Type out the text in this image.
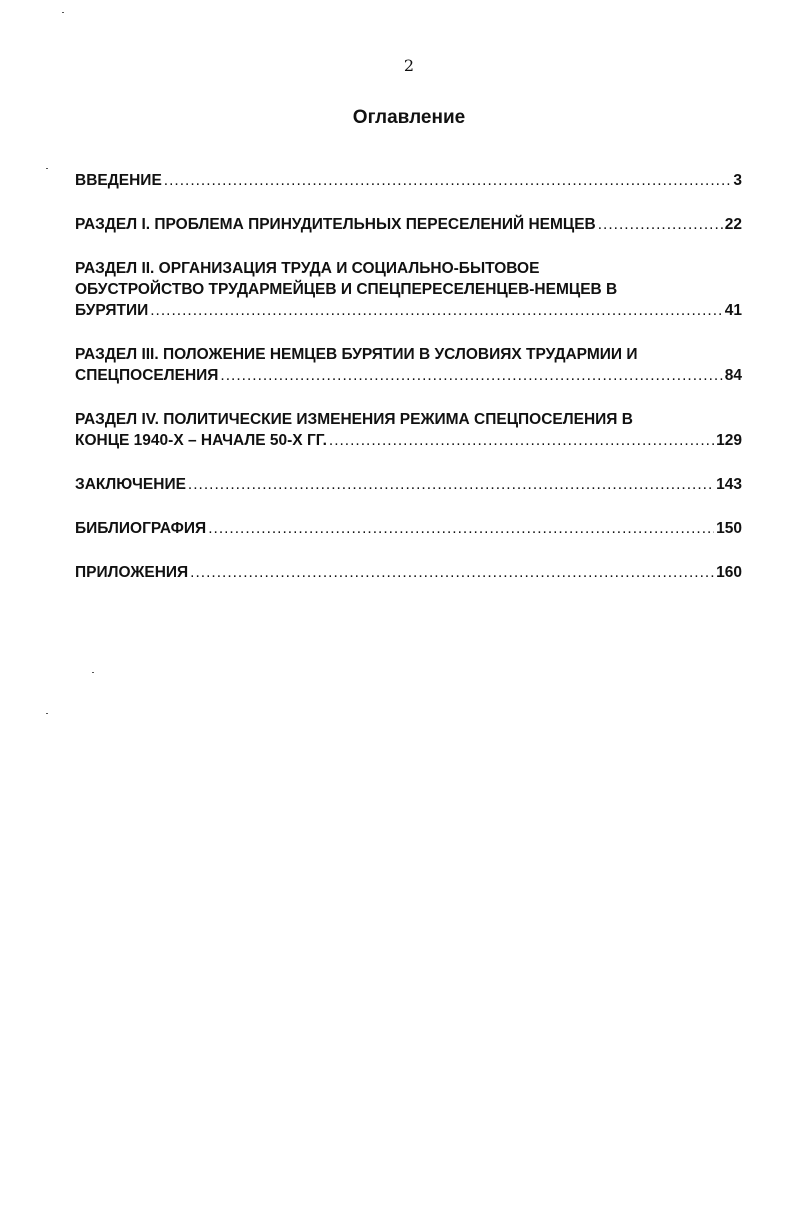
2
Оглавление
ВВЕДЕНИЕ .....	3
РАЗДЕЛ I. ПРОБЛЕМА ПРИНУДИТЕЛЬНЫХ ПЕРЕСЕЛЕНИЙ НЕМЦЕВ .....	22
РАЗДЕЛ II. ОРГАНИЗАЦИЯ ТРУДА И СОЦИАЛЬНО-БЫТОВОЕ
ОБУСТРОЙСТВО ТРУДАРМЕЙЦЕВ И СПЕЦПЕРЕСЕЛЕНЦЕВ-НЕМЦЕВ В
БУРЯТИИ .....	41
РАЗДЕЛ III. ПОЛОЖЕНИЕ НЕМЦЕВ БУРЯТИИ В УСЛОВИЯХ ТРУДАРМИИ И
СПЕЦПОСЕЛЕНИЯ .....	84
РАЗДЕЛ IV. ПОЛИТИЧЕСКИЕ ИЗМЕНЕНИЯ РЕЖИМА СПЕЦПОСЕЛЕНИЯ В
КОНЦЕ 1940-Х – НАЧАЛЕ 50-Х ГГ. .....	129
ЗАКЛЮЧЕНИЕ .....	143
БИБЛИОГРАФИЯ .....	150
ПРИЛОЖЕНИЯ .....	160
